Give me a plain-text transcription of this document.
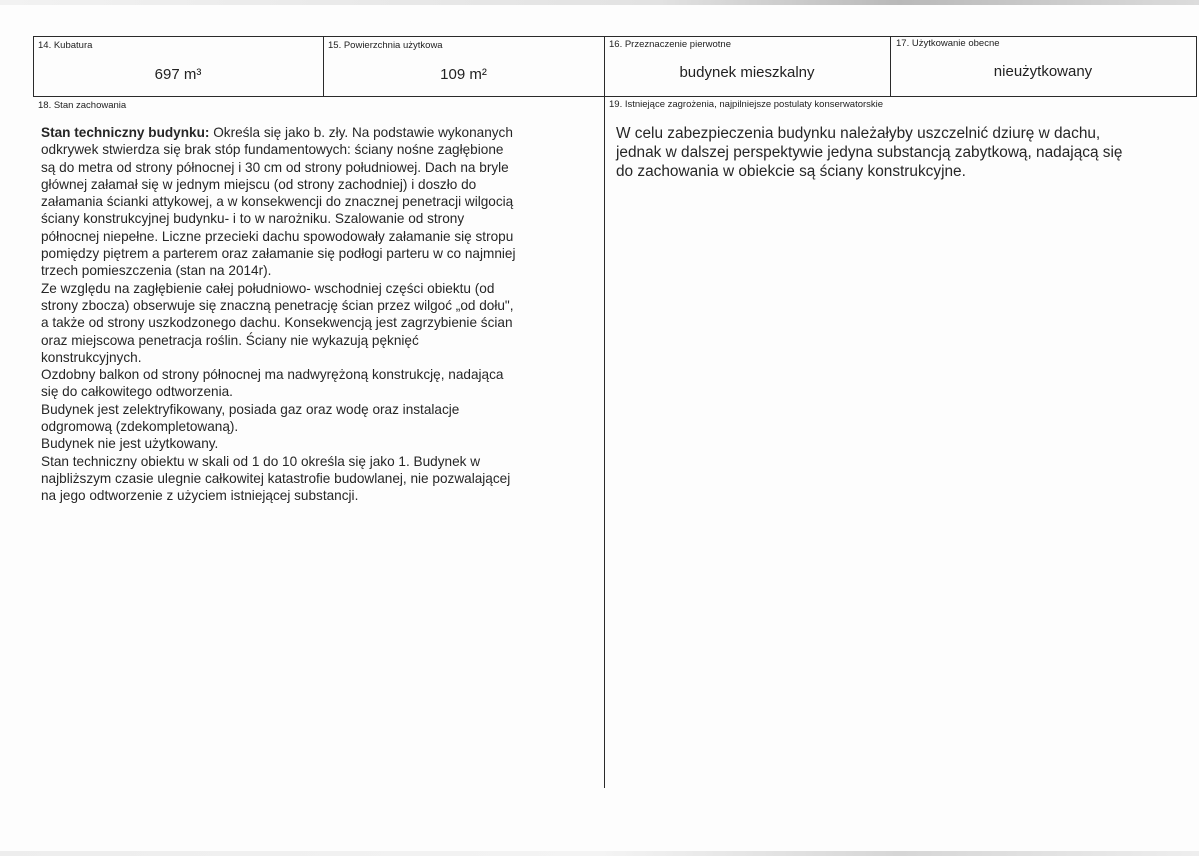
14. Kubatura
697 m³
15. Powierzchnia użytkowa
109 m²
16. Przeznaczenie pierwotne
budynek mieszkalny
17. Użytkowanie obecne
nieużytkowany
18. Stan zachowania

Stan techniczny budynku: Określa się jako b. zły. Na podstawie wykonanych

odkrywek stwierdza się brak stóp fundamentowych: ściany nośne zagłębione

są do metra od strony północnej i 30 cm od strony południowej. Dach na bryle

głównej załamał się w jednym miejscu (od strony zachodniej) i doszło do

załamania ścianki attykowej, a w konsekwencji do znacznej penetracji wilgocią

ściany konstrukcyjnej budynku- i to w narożniku. Szalowanie od strony

północnej niepełne. Liczne przecieki dachu spowodowały załamanie się stropu

pomiędzy piętrem a parterem oraz załamanie się podłogi parteru w co najmniej

trzech pomieszczenia (stan na 2014r).

Ze względu na zagłębienie całej południowo- wschodniej części obiektu (od

strony zbocza) obserwuje się znaczną penetrację ścian przez wilgoć „od dołu",

a także od strony uszkodzonego dachu. Konsekwencją jest zagrzybienie ścian

oraz miejscowa penetracja roślin. Ściany nie wykazują pęknięć

konstrukcyjnych.

Ozdobny balkon od strony północnej ma nadwyrężoną konstrukcję, nadająca

się do całkowitego odtworzenia.

Budynek jest zelektryfikowany, posiada gaz oraz wodę oraz instalacje

odgromową (zdekompletowaną).

Budynek nie jest użytkowany.

Stan techniczny obiektu w skali od 1 do 10 określa się jako 1. Budynek w

najbliższym czasie ulegnie całkowitej katastrofie budowlanej, nie pozwalającej

na jego odtworzenie z użyciem istniejącej substancji.

19. Istniejące zagrożenia, najpilniejsze postulaty konserwatorskie

W celu zabezpieczenia budynku należałyby uszczelnić dziurę w dachu,

jednak w dalszej perspektywie jedyna substancją zabytkową, nadającą się

do zachowania w obiekcie są ściany konstrukcyjne.
